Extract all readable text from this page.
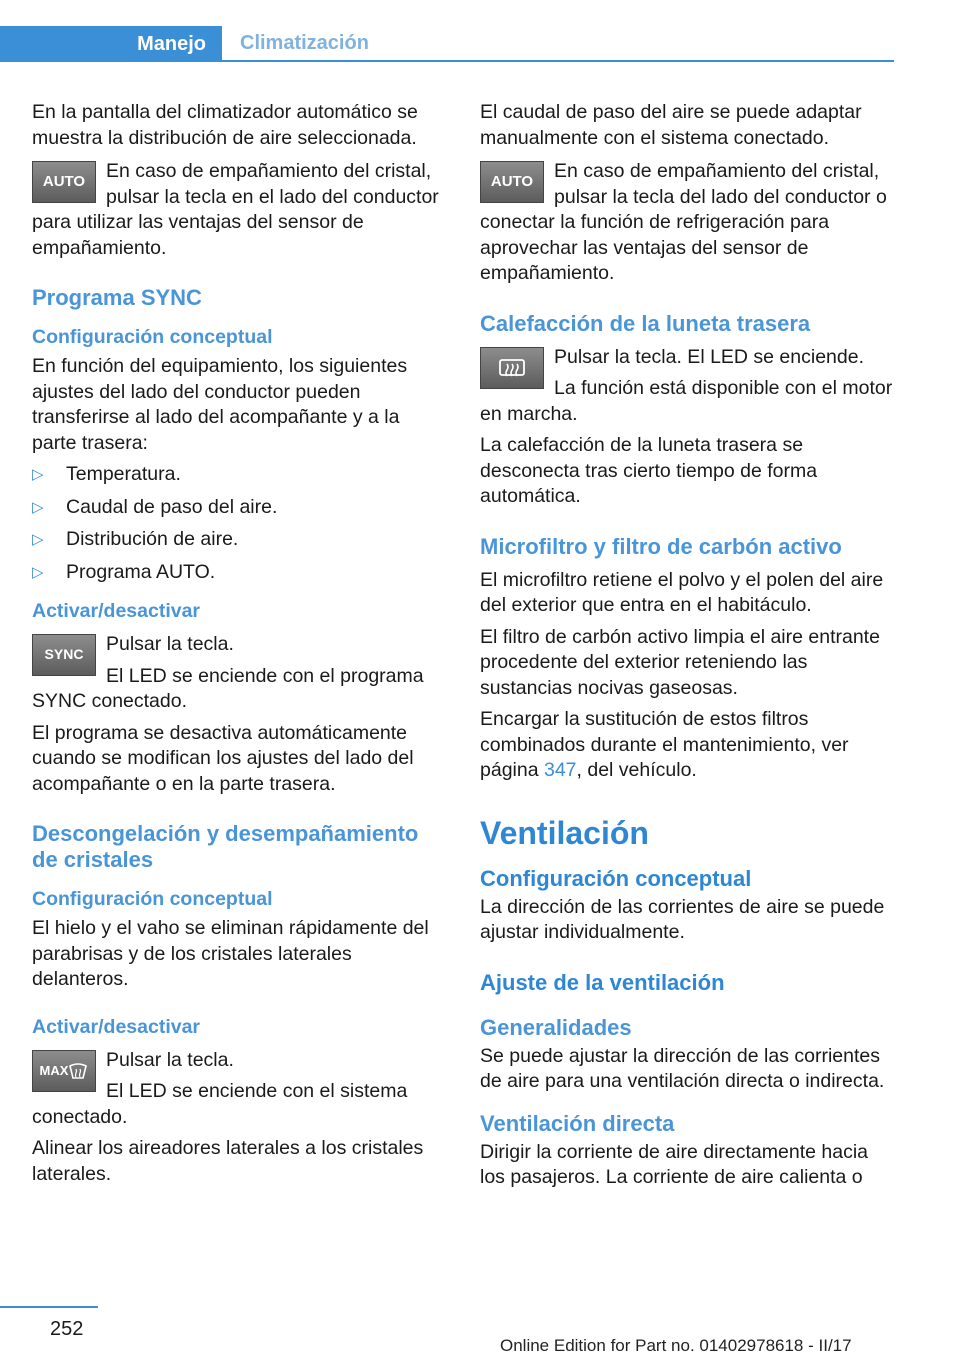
Manejo Climatización

En la pantalla del climatizador automático se muestra la distribución de aire seleccionada.

AUTO En caso de empañamiento del cristal, pulsar la tecla en el lado del conductor para utilizar las ventajas del sensor de empañamiento.
Programa SYNC
Configuración conceptual

En función del equipamiento, los siguientes ajustes del lado del conductor pueden transferirse al lado del acompañante y a la parte trasera:

▷ Temperatura.
▷ Caudal de paso del aire.
▷ Distribución de aire.
▷ Programa AUTO.
Activar/desactivar
SYNC	Pulsar la tecla.

El LED se enciende con el programa SYNC conectado.

El programa se desactiva automáticamente cuando se modifican los ajustes del lado del acompañante o en la parte trasera.

Descongelación y desempañamiento de cristales
Configuración conceptual

El hielo y el vaho se eliminan rápidamente del parabrisas y de los cristales laterales delanteros.

Activar/desactivar
MAX	Pulsar la tecla.

El LED se enciende con el sistema conectado.

Alinear los aireadores laterales a los cristales laterales.

El caudal de paso del aire se puede adaptar manualmente con el sistema conectado.

AUTO En caso de empañamiento del cristal, pulsar la tecla del lado del conductor o conectar la función de refrigeración para aprovechar las ventajas del sensor de empañamiento.
Calefacción de la luneta trasera

Pulsar la tecla. El LED se enciende.

La función está disponible con el motor en marcha.

La calefacción de la luneta trasera se desconecta tras cierto tiempo de forma automática.

Microfiltro y filtro de carbón activo

El microfiltro retiene el polvo y el polen del aire del exterior que entra en el habitáculo.

El filtro de carbón activo limpia el aire entrante procedente del exterior reteniendo las sustancias nocivas gaseosas.

Encargar la sustitución de estos filtros combinados durante el mantenimiento, ver página 347, del vehículo.

Ventilación
Configuración conceptual

La dirección de las corrientes de aire se puede ajustar individualmente.

Ajuste de la ventilación
Generalidades

Se puede ajustar la dirección de las corrientes de aire para una ventilación directa o indirecta.

Ventilación directa

Dirigir la corriente de aire directamente hacia los pasajeros. La corriente de aire calienta o

252
Online Edition for Part no. 01402978618 - II/17
